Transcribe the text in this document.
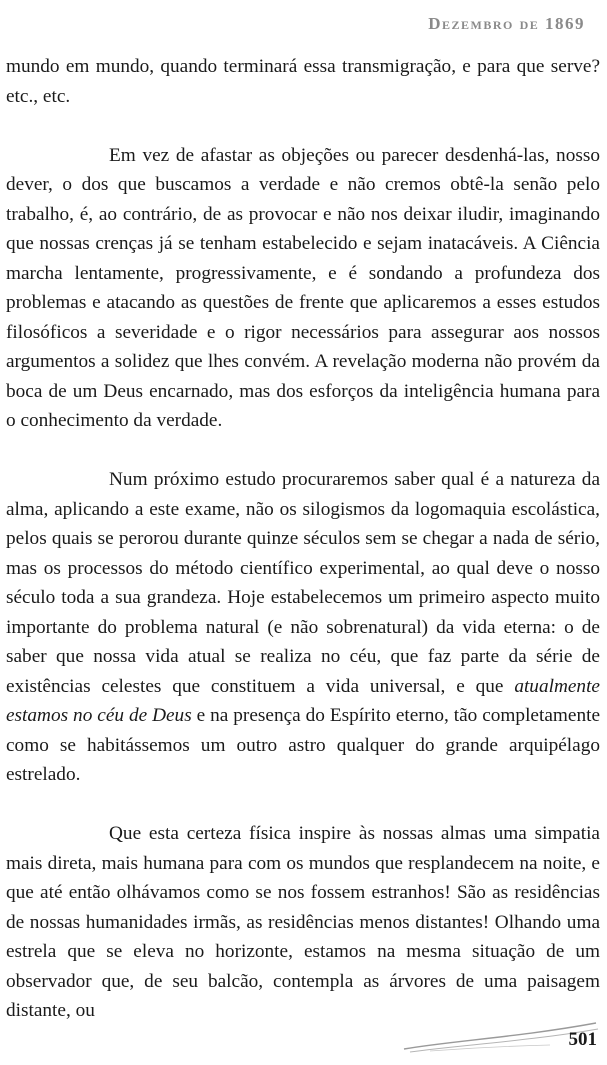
Dezembro de 1869

mundo em mundo, quando terminará essa transmigração, e para que serve? etc., etc.

Em vez de afastar as objeções ou parecer desdenhá-las, nosso dever, o dos que buscamos a verdade e não cremos obtê-la senão pelo trabalho, é, ao contrário, de as provocar e não nos deixar iludir, imaginando que nossas crenças já se tenham estabelecido e sejam inatacáveis. A Ciência marcha lentamente, progressivamente, e é sondando a profundeza dos problemas e atacando as questões de frente que aplicaremos a esses estudos filosóficos a severidade e o rigor necessários para assegurar aos nossos argumentos a solidez que lhes convém. A revelação moderna não provém da boca de um Deus encarnado, mas dos esforços da inteligência humana para o conhecimento da verdade.

Num próximo estudo procuraremos saber qual é a natureza da alma, aplicando a este exame, não os silogismos da logomaquia escolástica, pelos quais se perorou durante quinze séculos sem se chegar a nada de sério, mas os processos do método científico experimental, ao qual deve o nosso século toda a sua grandeza. Hoje estabelecemos um primeiro aspecto muito importante do problema natural (e não sobrenatural) da vida eterna: o de saber que nossa vida atual se realiza no céu, que faz parte da série de existências celestes que constituem a vida universal, e que atualmente estamos no céu de Deus e na presença do Espírito eterno, tão completamente como se habitássemos um outro astro qualquer do grande arquipélago estrelado.

Que esta certeza física inspire às nossas almas uma simpatia mais direta, mais humana para com os mundos que resplandecem na noite, e que até então olhávamos como se nos fossem estranhos! São as residências de nossas humanidades irmãs, as residências menos distantes! Olhando uma estrela que se eleva no horizonte, estamos na mesma situação de um observador que, de seu balcão, contempla as árvores de uma paisagem distante, ou

501
